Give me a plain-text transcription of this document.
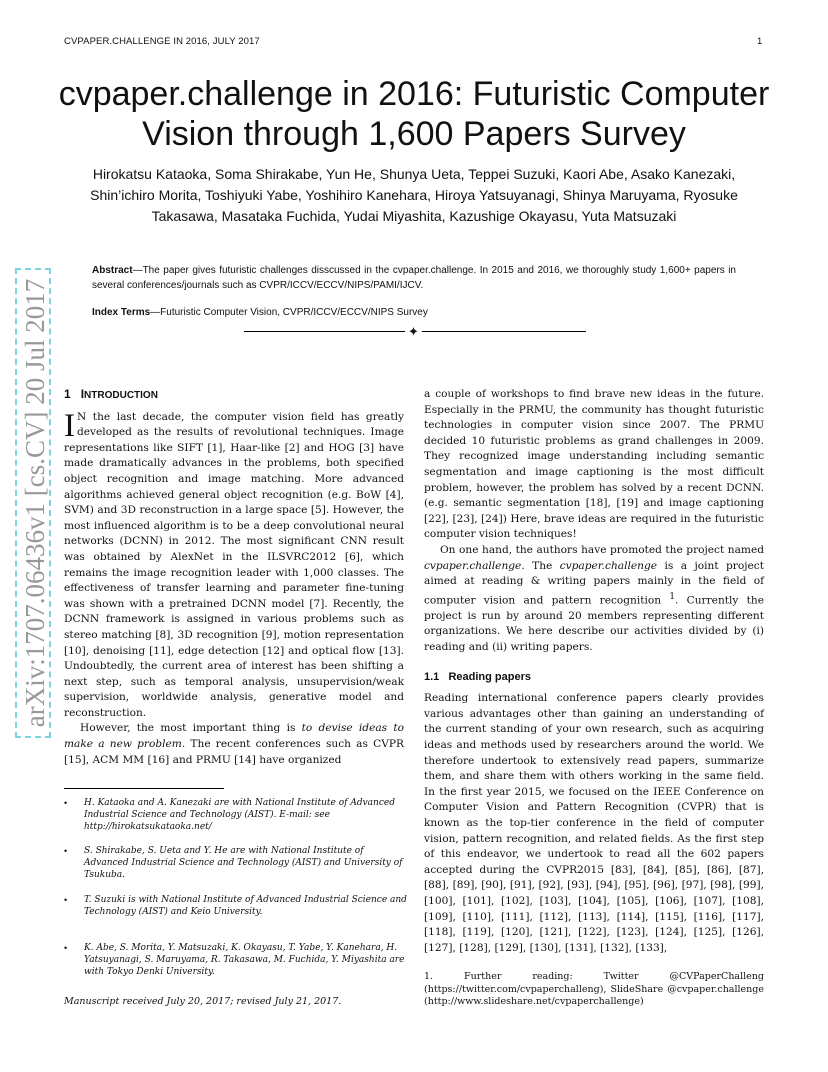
CVPAPER.CHALLENGE IN 2016, JULY 2017	1
cvpaper.challenge in 2016: Futuristic Computer Vision through 1,600 Papers Survey
Hirokatsu Kataoka, Soma Shirakabe, Yun He, Shunya Ueta, Teppei Suzuki, Kaori Abe, Asako Kanezaki, Shin’ichiro Morita, Toshiyuki Yabe, Yoshihiro Kanehara, Hiroya Yatsuyanagi, Shinya Maruyama, Ryosuke Takasawa, Masataka Fuchida, Yudai Miyashita, Kazushige Okayasu, Yuta Matsuzaki
Abstract—The paper gives futuristic challenges disscussed in the cvpaper.challenge. In 2015 and 2016, we thoroughly study 1,600+ papers in several conferences/journals such as CVPR/ICCV/ECCV/NIPS/PAMI/IJCV.
Index Terms—Futuristic Computer Vision, CVPR/ICCV/ECCV/NIPS Survey
✦
arXiv:1707.06436v1 [cs.CV] 20 Jul 2017 1 INTRODUCTION

I N the last decade, the computer vision field has greatly developed as the results of revolutional techniques. Image representations like SIFT [1], Haar-like [2] and HOG [3] have made dramatically advances in the problems, both specified object recognition and image matching. More advanced algorithms achieved general object recognition (e.g. BoW [4], SVM) and 3D reconstruction in a large space [5]. However, the most influenced algorithm is to be a deep convolutional neural networks (DCNN) in 2012. The most significant CNN result was obtained by AlexNet in the ILSVRC2012 [6], which remains the image recognition leader with 1,000 classes. The effectiveness of transfer learning and parameter fine-tuning was shown with a pretrained DCNN model [7]. Recently, the DCNN framework is assigned in various problems such as stereo matching [8], 3D recognition [9], motion representation [10], denoising [11], edge detection [12] and optical flow [13]. Undoubtedly, the current area of interest has been shifting a next step, such as temporal analysis, unsupervision/weak supervision, worldwide analysis, generative model and reconstruction.

However, the most important thing is to devise ideas to make a new problem. The recent conferences such as CVPR [15], ACM MM [16] and PRMU [14] have organized

• H. Kataoka and A. Kanezaki are with National Institute of Advanced Industrial Science and Technology (AIST). E-mail: see http://hirokatsukataoka.net/
• S. Shirakabe, S. Ueta and Y. He are with National Institute of Advanced Industrial Science and Technology (AIST) and University of Tsukuba.
• T. Suzuki is with National Institute of Advanced Industrial Science and Technology (AIST) and Keio University.
• K. Abe, S. Morita, Y. Matsuzaki, K. Okayasu, T. Yabe, Y. Kanehara, H. Yatsuyanagi, S. Maruyama, R. Takasawa, M. Fuchida, Y. Miyashita are with Tokyo Denki University.
Manuscript received July 20, 2017; revised July 21, 2017.

a couple of workshops to find brave new ideas in the future. Especially in the PRMU, the community has thought futuristic technologies in computer vision since 2007. The PRMU decided 10 futuristic problems as grand challenges in 2009. They recognized image understanding including semantic segmentation and image captioning is the most difficult problem, however, the problem has solved by a recent DCNN. (e.g. semantic segmentation [18], [19] and image captioning [22], [23], [24]) Here, brave ideas are required in the futuristic computer vision techniques!

On one hand, the authors have promoted the project named cvpaper.challenge. The cvpaper.challenge is a joint project aimed at reading & writing papers mainly in the field of computer vision and pattern recognition $^1$. Currently the project is run by around 20 members representing different organizations. We here describe our activities divided by (i) reading and (ii) writing papers.

1.1 Reading papers

Reading international conference papers clearly provides various advantages other than gaining an understanding of the current standing of your own research, such as acquiring ideas and methods used by researchers around the world. We therefore undertook to extensively read papers, summarize them, and share them with others working in the same field. In the first year 2015, we focused on the IEEE Conference on Computer Vision and Pattern Recognition (CVPR) that is known as the top-tier conference in the field of computer vision, pattern recognition, and related fields. As the first step of this endeavor, we undertook to read all the 602 papers accepted during the CVPR2015 [83], [84], [85], [86], [87], [88], [89], [90], [91], [92], [93], [94], [95], [96], [97], [98], [99], [100], [101], [102], [103], [104], [105], [106], [107], [108], [109], [110], [111], [112], [113], [114], [115], [116], [117], [118], [119], [120], [121], [122], [123], [124], [125], [126], [127], [128], [129], [130], [131], [132], [133],

1. Further reading: Twitter @CVPaperChalleng (https://twitter.com/cvpaperchalleng), SlideShare @cvpaper.challenge (http://www.slideshare.net/cvpaperchallenge)
